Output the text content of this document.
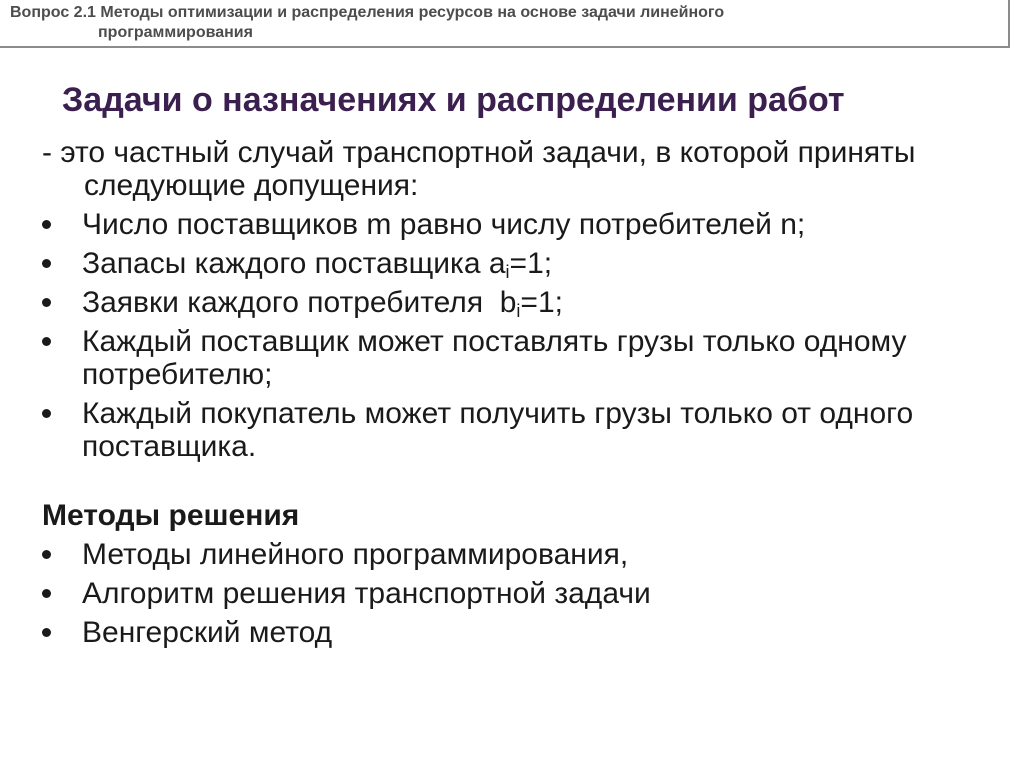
Вопрос 2.1 Методы оптимизации и распределения ресурсов на основе задачи линейного
программирования
Задачи о назначениях и распределении работ

- это частный случай транспортной задачи, в которой приняты следующие допущения:

Число поставщиков m равно числу потребителей n;
Запасы каждого поставщика $a_i=1$;
Заявки каждого потребителя  $b_i=1$;
Каждый поставщик может поставлять грузы только одному потребителю;
Каждый покупатель может получить грузы только от одного поставщика.
Методы решения
Методы линейного программирования,
Алгоритм решения транспортной задачи
Венгерский метод
